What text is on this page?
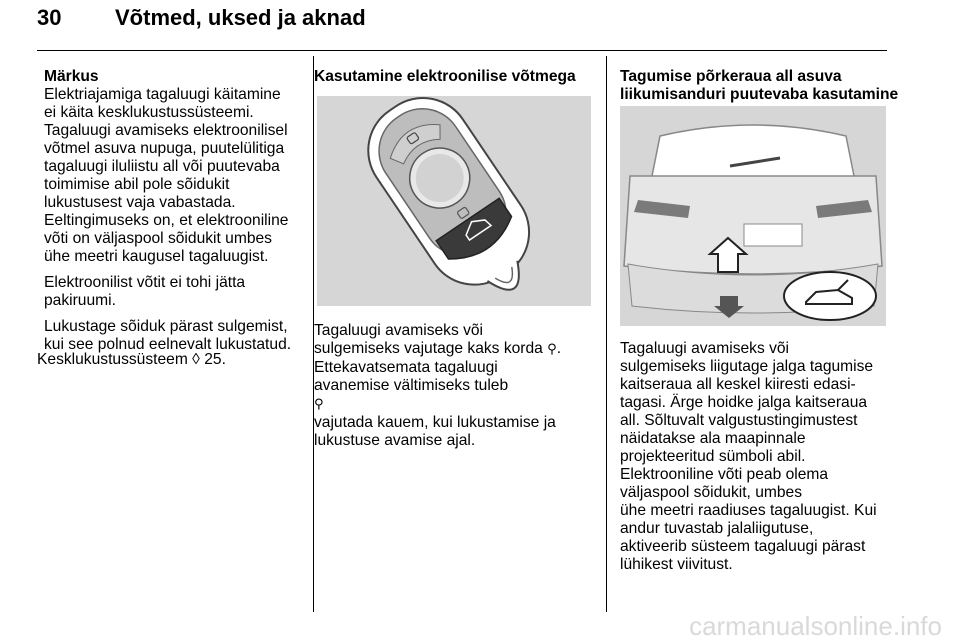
30 Võtmed, uksed ja aknad
Märkus
Elektriajamiga tagaluugi käitamine
ei käita kesklukustussüsteemi.
Tagaluugi avamiseks elektroonilisel
võtmel asuva nupuga, puutelülitiga
tagaluugi iluliistu all või puutevaba
toimimise abil pole sõidukit
lukustusest vaja vabastada.
Eeltingimuseks on, et elektrooniline
võti on väljaspool sõidukit umbes
ühe meetri kaugusel tagaluugist.
Elektroonilist võtit ei tohi jätta
pakiruumi.
Lukustage sõiduk pärast sulgemist,
kui see polnud eelnevalt lukustatud.
Kesklukustussüsteem ◊ 25.
Kasutamine elektroonilise võtmega
Tagaluugi avamiseks või
sulgemiseks vajutage kaks korda ⚲.
Ettekavatsemata tagaluugi
avanemise vältimiseks tuleb
⚲
vajutada kauem, kui lukustamise ja
lukustuse avamise ajal.
Tagumise põrkeraua all asuva
liikumisanduri puutevaba kasutamine
Tagaluugi avamiseks või
sulgemiseks liigutage jalga tagumise
kaitseraua all keskel kiiresti edasi-
tagasi. Ärge hoidke jalga kaitseraua
all. Sõltuvalt valgustustingimustest
näidatakse ala maapinnale
projekteeritud sümboli abil.
Elektrooniline võti peab olema
väljaspool sõidukit, umbes
ühe meetri raadiuses tagaluugist. Kui
andur tuvastab jalaliigutuse,
aktiveerib süsteem tagaluugi pärast
lühikest viivitust.
carmanualsonline.info
